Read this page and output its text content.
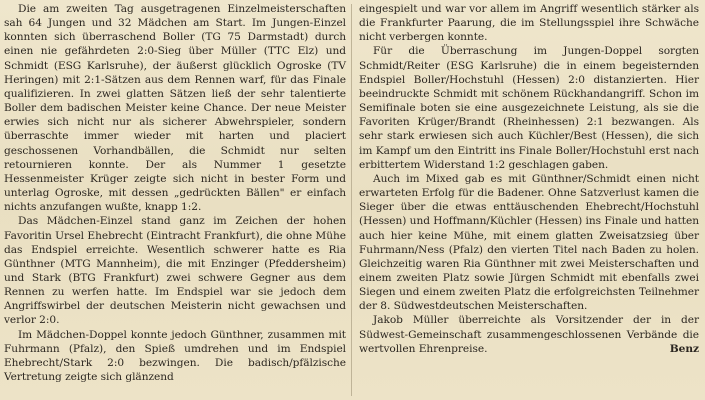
Die am zweiten Tag ausgetragenen Einzelmeisterschaften sah 64 Jungen und 32 Mädchen am Start. Im Jungen-Einzel konnten sich überraschend Boller (TG 75 Darmstadt) durch einen nie gefährdeten 2:0-Sieg über Müller (TTC Elz) und Schmidt (ESG Karlsruhe), der äußerst glücklich Ogroske (TV Heringen) mit 2:1-Sätzen aus dem Rennen warf, für das Finale qualifizieren. In zwei glatten Sätzen ließ der sehr talentierte Boller dem badischen Meister keine Chance. Der neue Meister erwies sich nicht nur als sicherer Abwehrspieler, sondern überraschte immer wieder mit harten und placiert geschossenen Vorhandbällen, die Schmidt nur selten retournieren konnte. Der als Nummer 1 gesetzte Hessenmeister Krüger zeigte sich nicht in bester Form und unterlag Ogroske, mit dessen „gedrückten Bällen" er einfach nichts anzufangen wußte, knapp 1:2.

Das Mädchen-Einzel stand ganz im Zeichen der hohen Favoritin Ursel Ehebrecht (Eintracht Frankfurt), die ohne Mühe das Endspiel erreichte. Wesentlich schwerer hatte es Ria Günthner (MTG Mannheim), die mit Enzinger (Pfeddersheim) und Stark (BTG Frankfurt) zwei schwere Gegner aus dem Rennen zu werfen hatte. Im Endspiel war sie jedoch dem Angriffswirbel der deutschen Meisterin nicht gewachsen und verlor 2:0.

Im Mädchen-Doppel konnte jedoch Günthner, zusammen mit Fuhrmann (Pfalz), den Spieß umdrehen und im Endspiel Ehebrecht/Stark 2:0 bezwingen. Die badisch/pfälzische Vertretung zeigte sich glänzend

eingespielt und war vor allem im Angriff wesentlich stärker als die Frankfurter Paarung, die im Stellungsspiel ihre Schwäche nicht verbergen konnte.

Für die Überraschung im Jungen-Doppel sorgten Schmidt/Reiter (ESG Karlsruhe) die in einem begeisternden Endspiel Boller/Hochstuhl (Hessen) 2:0 distanzierten. Hier beeindruckte Schmidt mit schönem Rückhandangriff. Schon im Semifinale boten sie eine ausgezeichnete Leistung, als sie die Favoriten Krüger/Brandt (Rheinhessen) 2:1 bezwangen. Als sehr stark erwiesen sich auch Küchler/Best (Hessen), die sich im Kampf um den Eintritt ins Finale Boller/Hochstuhl erst nach erbittertem Widerstand 1:2 geschlagen gaben.

Auch im Mixed gab es mit Günthner/Schmidt einen nicht erwarteten Erfolg für die Badener. Ohne Satzverlust kamen die Sieger über die etwas enttäuschenden Ehebrecht/Hochstuhl (Hessen) und Hoffmann/Küchler (Hessen) ins Finale und hatten auch hier keine Mühe, mit einem glatten Zweisatzsieg über Fuhrmann/Ness (Pfalz) den vierten Titel nach Baden zu holen. Gleichzeitig waren Ria Günthner mit zwei Meisterschaften und einem zweiten Platz sowie Jürgen Schmidt mit ebenfalls zwei Siegen und einem zweiten Platz die erfolgreichsten Teilnehmer der 8. Südwestdeutschen Meisterschaften.

Jakob Müller überreichte als Vorsitzender der in der Südwest-Gemeinschaft zusammengeschlossenen Verbände die wertvollen Ehrenpreise.	Benz
